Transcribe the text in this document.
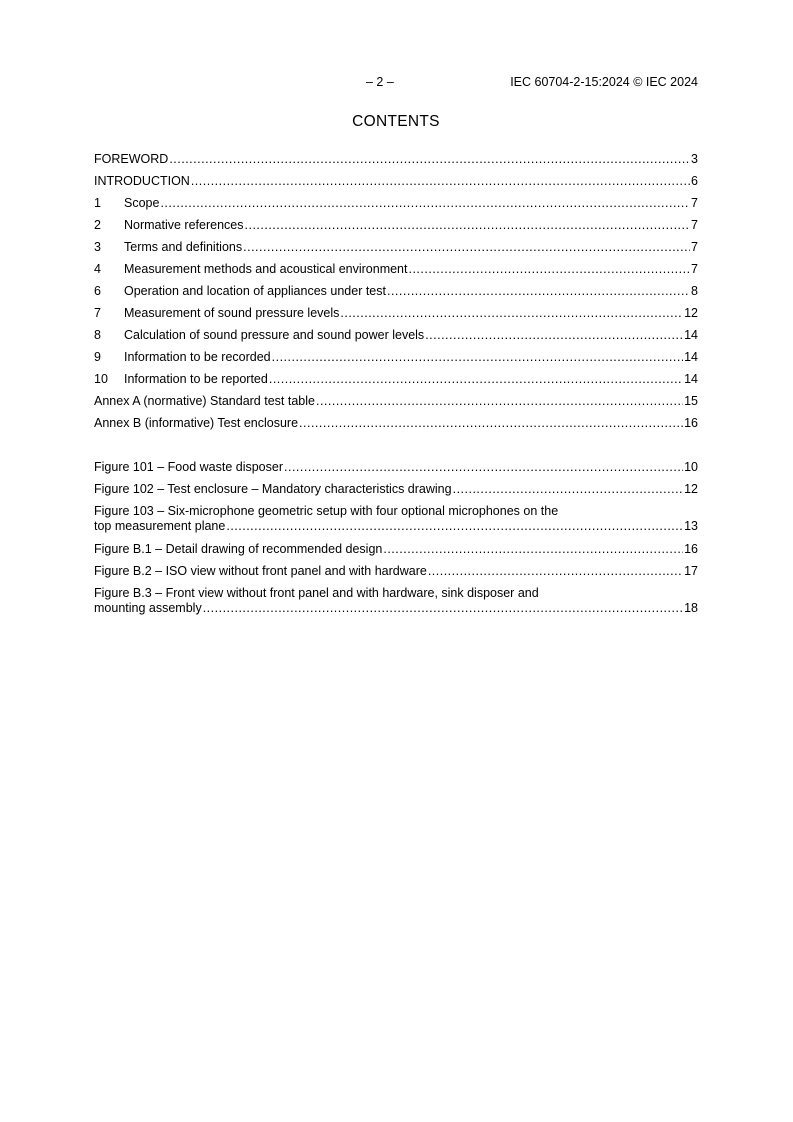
– 2 –	IEC 60704-2-15:2024 © IEC 2024
CONTENTS
FOREWORD .....	3
INTRODUCTION .....	6
1	Scope .....	7
2	Normative references .....	7
3	Terms and definitions .....	7
4	Measurement methods and acoustical environment .....	7
6	Operation and location of appliances under test .....	8
7	Measurement of sound pressure levels .....	12
8	Calculation of sound pressure and sound power levels .....	14
9	Information to be recorded .....	14
10	Information to be reported .....	14
Annex A (normative) Standard test table .....	15
Annex B (informative) Test enclosure .....	16
Figure 101 – Food waste disposer .....	10
Figure 102 – Test enclosure – Mandatory characteristics drawing .....	12
Figure 103 – Six-microphone geometric setup with four optional microphones on the
top measurement plane .....	13
Figure B.1 – Detail drawing of recommended design .....	16
Figure B.2 – ISO view without front panel and with hardware .....	17
Figure B.3 – Front view without front panel and with hardware, sink disposer and
mounting assembly .....	18
